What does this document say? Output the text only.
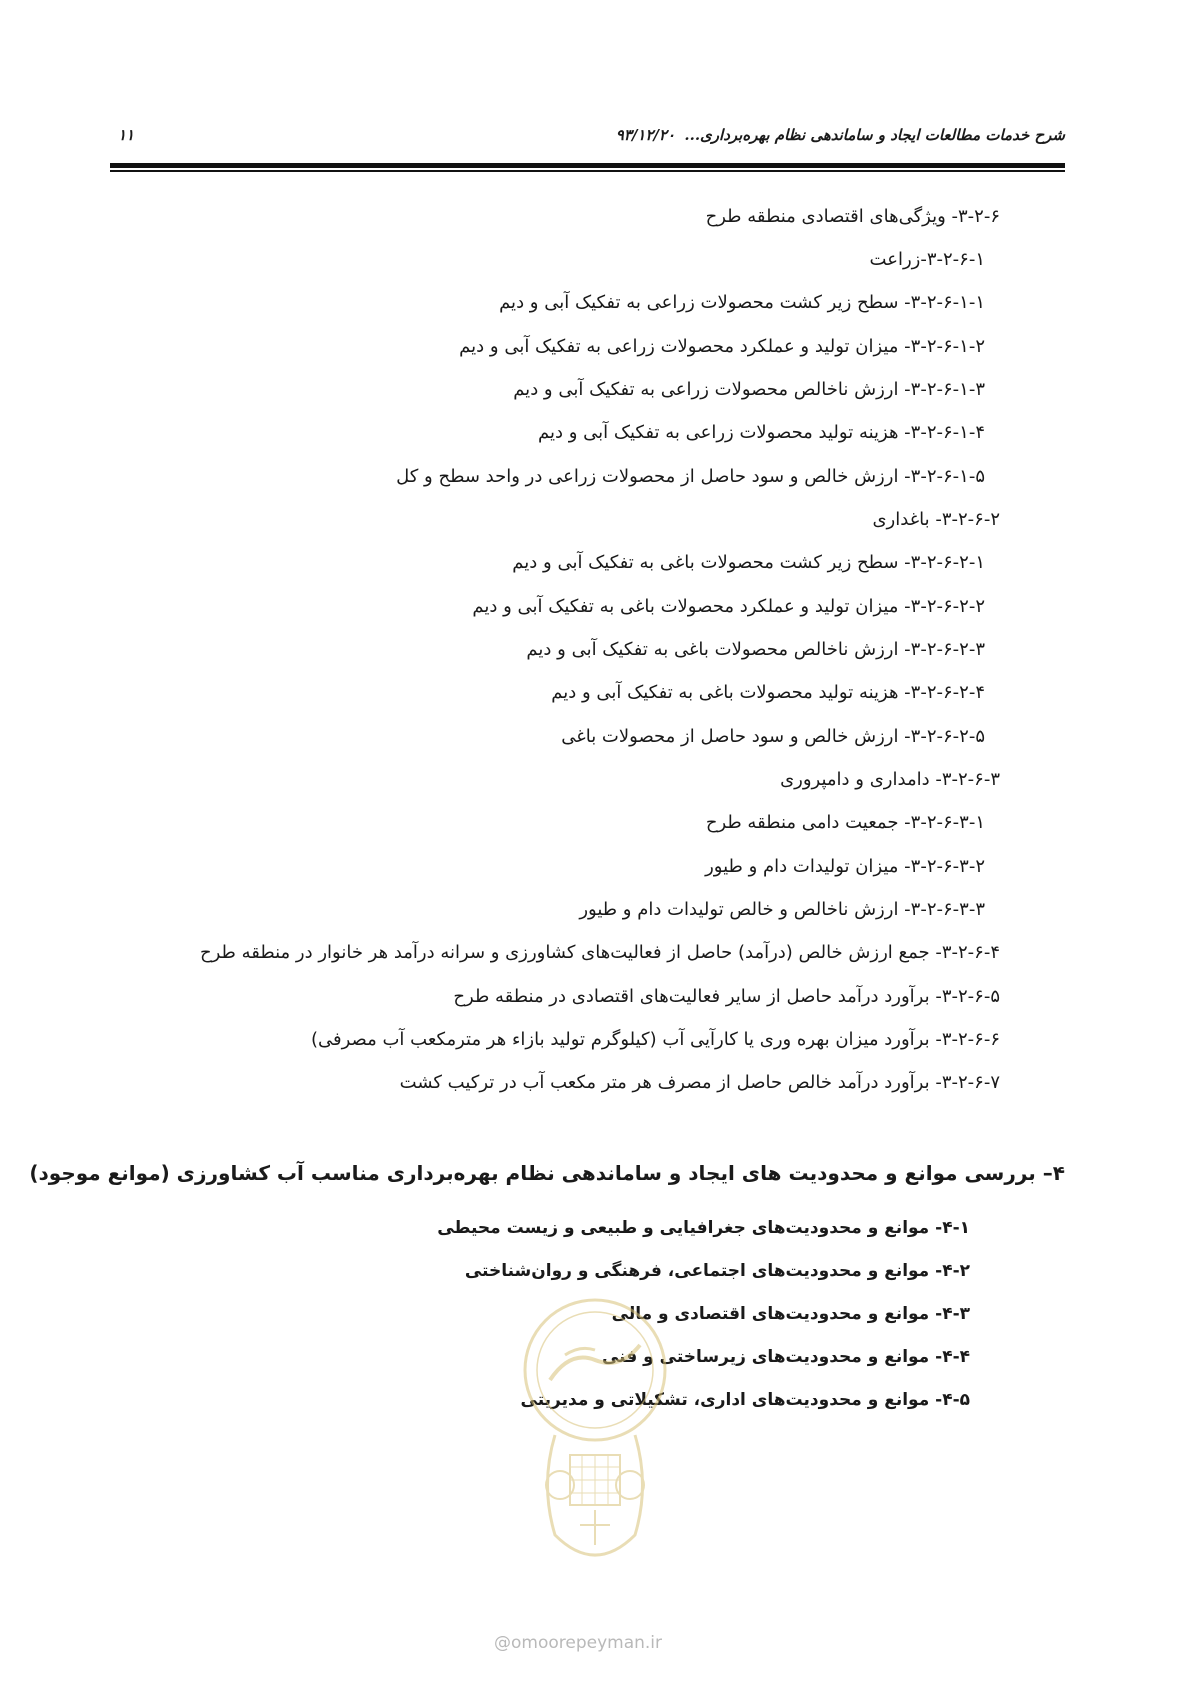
شرح خدمات مطالعات ایجاد و ساماندهی نظام بهره‌برداری...
۹۳/۱۲/۲۰
۱۱
۳-۲-۶- ویژگی‌های اقتصادی منطقه طرح
۳-۲-۶-۱-زراعت
۳-۲-۶-۱-۱- سطح زیر کشت محصولات زراعی به تفکیک آبی و دیم
۳-۲-۶-۱-۲- میزان تولید و عملکرد محصولات زراعی به تفکیک آبی و دیم
۳-۲-۶-۱-۳- ارزش ناخالص محصولات زراعی به تفکیک آبی و دیم
۳-۲-۶-۱-۴- هزینه تولید محصولات زراعی به تفکیک آبی و دیم
۳-۲-۶-۱-۵- ارزش خالص و سود حاصل از محصولات زراعی در واحد سطح و کل
۳-۲-۶-۲- باغداری
۳-۲-۶-۲-۱- سطح زیر کشت محصولات باغی به تفکیک آبی و دیم
۳-۲-۶-۲-۲- میزان تولید و عملکرد محصولات باغی به تفکیک آبی و دیم
۳-۲-۶-۲-۳- ارزش ناخالص محصولات باغی به تفکیک آبی و دیم
۳-۲-۶-۲-۴- هزینه تولید محصولات باغی به تفکیک آبی و دیم
۳-۲-۶-۲-۵- ارزش خالص و سود حاصل از محصولات باغی
۳-۲-۶-۳- دامداری و دامپروری
۳-۲-۶-۳-۱- جمعیت دامی منطقه طرح
۳-۲-۶-۳-۲- میزان تولیدات دام و طیور
۳-۲-۶-۳-۳- ارزش ناخالص و خالص تولیدات دام و طیور
۳-۲-۶-۴- جمع ارزش خالص (درآمد) حاصل از فعالیت‌های کشاورزی و سرانه درآمد هر خانوار در منطقه طرح
۳-۲-۶-۵- برآورد درآمد حاصل از سایر فعالیت‌های اقتصادی در منطقه طرح
۳-۲-۶-۶- برآورد میزان بهره وری یا کارآیی آب (کیلوگرم تولید بازاء هر مترمکعب آب مصرفی)
۳-۲-۶-۷- برآورد درآمد خالص حاصل از مصرف هر متر مکعب آب در ترکیب کشت
۴– بررسی موانع و محدودیت های ایجاد و ساماندهی نظام بهره‌برداری مناسب آب کشاورزی (موانع موجود)
۴-۱- موانع و محدودیت‌های جغرافیایی و طبیعی و زیست محیطی
۴-۲- موانع و محدودیت‌های اجتماعی، فرهنگی و روان‌شناختی
۴-۳- موانع و محدودیت‌های اقتصادی و مالی
۴-۴- موانع و محدودیت‌های زیرساختی و فنی
۴-۵- موانع و محدودیت‌های اداری، تشکیلاتی و مدیریتی
@omoorepeyman.ir
